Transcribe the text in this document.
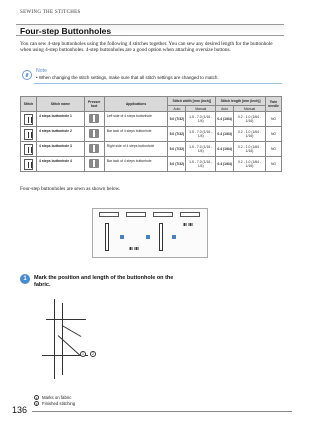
SEWING THE STITCHES
Four-step Buttonholes
You can sew 4-step buttonholes using the following 4 stitches together. You can sew any desired length for the buttonhole when using 4-step buttonholes. 4-step buttonholes are a good option when attaching oversize buttons.
Note
• When changing the stitch settings, make sure that all stitch settings are changed to match.
Stitch	Stitch name	Presser foot	Applications	Stitch width [mm (inch)]		Stitch length [mm (inch)]		Twin needle
				Auto	Manual	Auto	Manual	
	4 steps buttonhole 1		Left side of 4 steps buttonhole	5.0 (7/32)	1.5 - 7.0 (1/16 - 1/4)	0.4 (1/64)	0.2 - 1.0 (1/64 - 1/16)	NO
	4 steps buttonhole 2		Bar tack of 4 steps buttonhole	5.0 (7/32)	1.5 - 7.0 (1/16 - 1/4)	0.4 (1/64)	0.2 - 1.0 (1/64 - 1/16)	NO
	4 steps buttonhole 3		Right side of 4 steps buttonhole	5.0 (7/32)	1.5 - 7.0 (1/16 - 1/4)	0.4 (1/64)	0.2 - 1.0 (1/64 - 1/16)	NO
	4 steps buttonhole 4		Bar tack of 4 steps buttonhole	5.0 (7/32)	1.5 - 7.0 (1/16 - 1/4)	0.4 (1/64)	0.2 - 1.0 (1/64 - 1/16)	NO
Four-step buttonholes are sewn as shown below.
1	Mark the position and length of the buttonhole on the fabric.
1	2
1 Marks on fabric
2 Finished stitching
136
